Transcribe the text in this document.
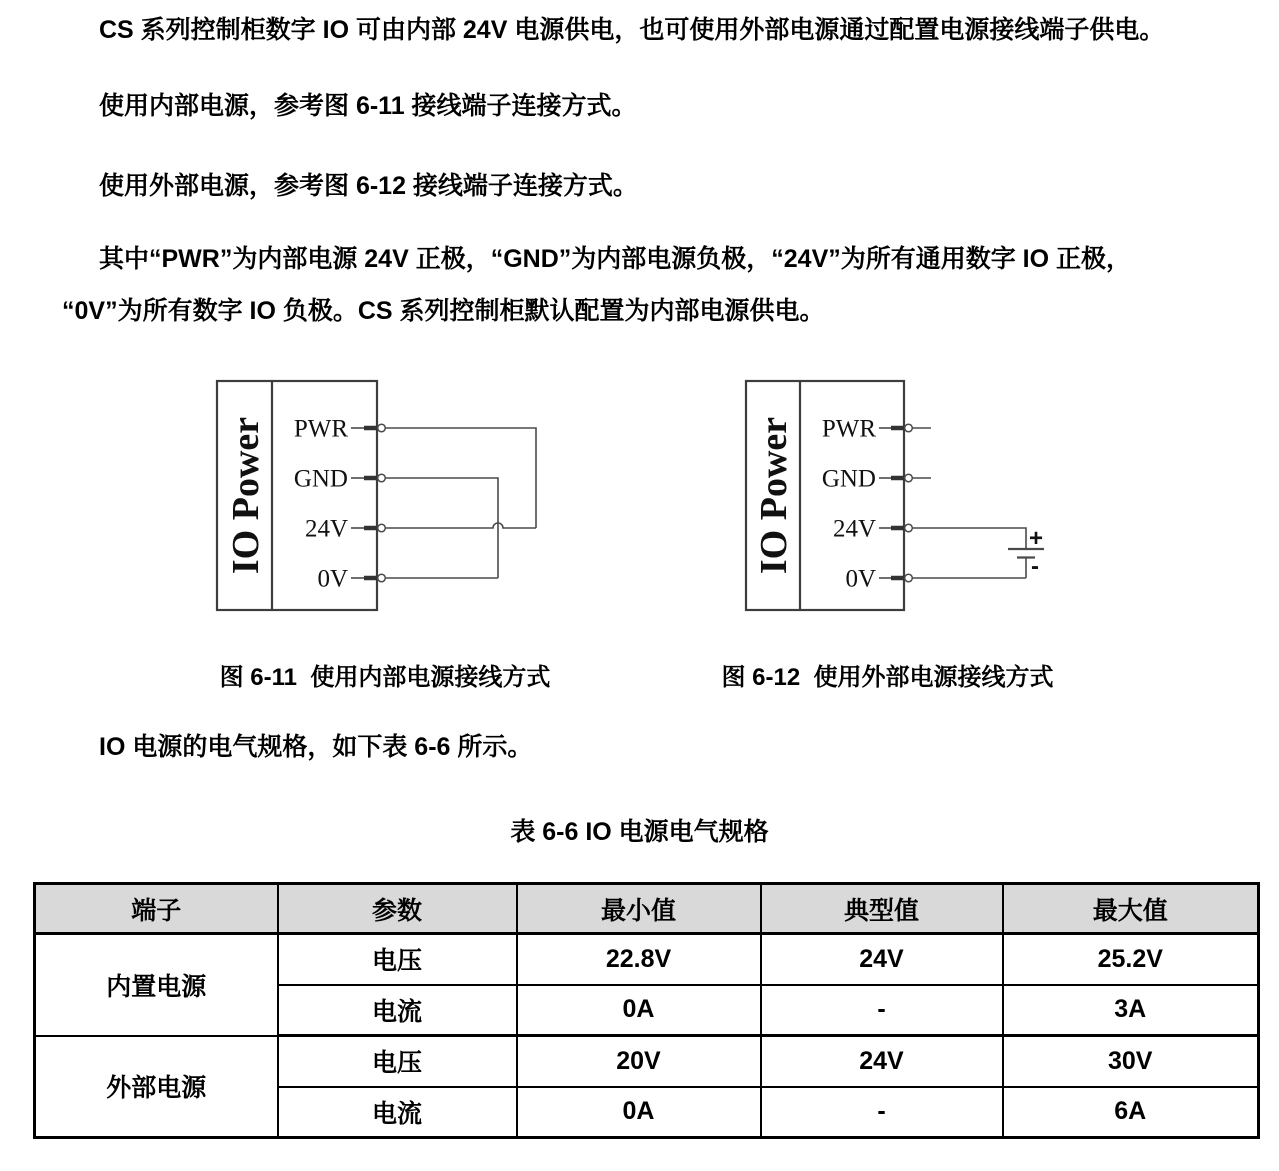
CS 系列控制柜数字 IO 可由内部 24V 电源供电，也可使用外部电源通过配置电源接线端子供电。
使用内部电源，参考图 6-11 接线端子连接方式。
使用外部电源，参考图 6-12 接线端子连接方式。
其中“PWR”为内部电源 24V 正极，“GND”为内部电源负极，“24V”为所有通用数字 IO 正极，
“0V”为所有数字 IO 负极。CS 系列控制柜默认配置为内部电源供电。
IO Power PWR
GND
24V
0V
IO Power	+
-
PWR
GND
24V
0V
图 6-11  使用内部电源接线方式	图 6-12  使用外部电源接线方式
IO 电源的电气规格，如下表 6-6 所示。
表 6-6 IO 电源电气规格
端子	参数	最小值	典型值	最大值
内置电源	电压	22.8V	24V	25.2V
	电流	0A	-	3A
外部电源	电压	20V	24V	30V
	电流	0A	-	6A
